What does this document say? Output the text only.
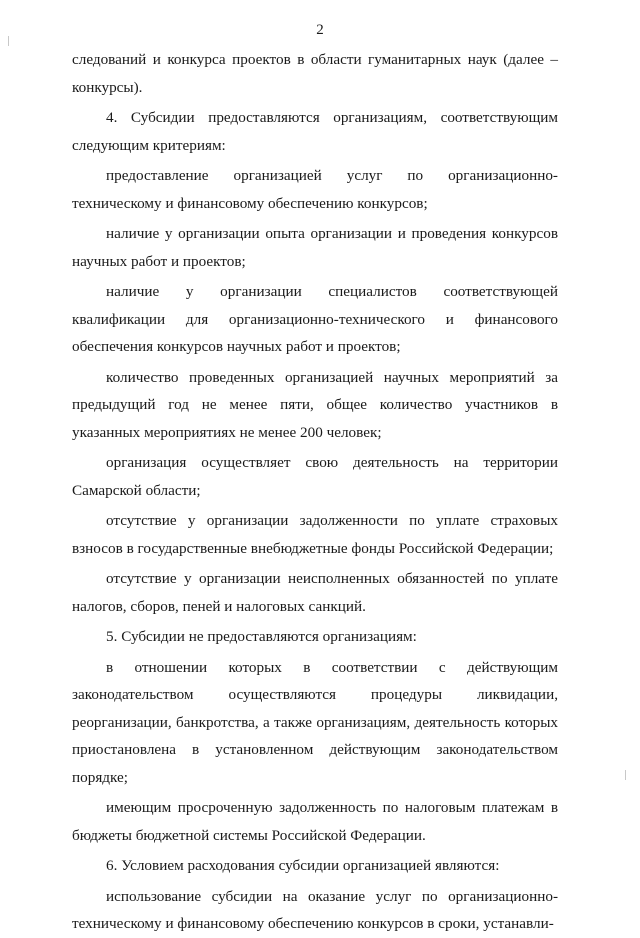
2

следований и конкурса проектов в области гуманитарных наук (далее – конкурсы).

4. Субсидии предоставляются организациям, соответствующим следующим критериям:

предоставление организацией услуг по организационно-техническому и финансовому обеспечению конкурсов;

наличие у организации опыта организации и проведения конкурсов научных работ и проектов;

наличие у организации специалистов соответствующей квалификации для организационно-технического и финансового обеспечения конкурсов научных работ и проектов;

количество проведенных организацией научных мероприятий за предыдущий год не менее пяти, общее количество участников в указанных мероприятиях не менее 200 человек;

организация осуществляет свою деятельность на территории Самарской области;

отсутствие у организации задолженности по уплате страховых взносов в государственные внебюджетные фонды Российской Федерации;

отсутствие у организации неисполненных обязанностей по уплате налогов, сборов, пеней и налоговых санкций.

5. Субсидии не предоставляются организациям:

в отношении которых в соответствии с действующим законодательством осуществляются процедуры ликвидации, реорганизации, банкротства, а также организациям, деятельность которых приостановлена в установленном действующим законодательством порядке;

имеющим просроченную задолженность по налоговым платежам в бюджеты бюджетной системы Российской Федерации.

6. Условием расходования субсидии организацией являются:

использование субсидии на оказание услуг по организационно-техническому и финансовому обеспечению конкурсов в сроки, устанавли-
